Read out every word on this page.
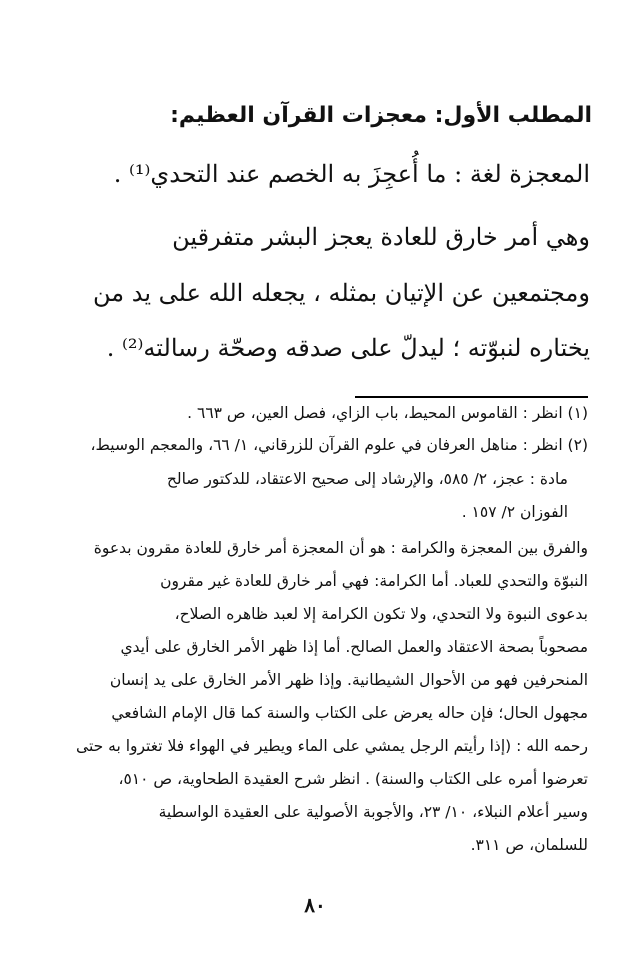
المطلب الأول: معجزات القرآن العظيم:
المعجزة لغة : ما أُعجِزَ به الخصم عند التحدي⁽¹⁾ .
وهي أمر خارق للعادة يعجز البشر متفرقين
ومجتمعين عن الإتيان بمثله ، يجعله الله على يد من
يختاره لنبوّته ؛ ليدلّ على صدقه وصحّة رسالته⁽²⁾ .
(١) انظر : القاموس المحيط، باب الزاي، فصل العين، ص ٦٦٣ .
(٢) انظر : مناهل العرفان في علوم القرآن للزرقاني، ١/ ٦٦، والمعجم الوسيط،
مادة : عجز، ٢/ ٥٨٥، والإرشاد إلى صحيح الاعتقاد، للدكتور صالح
الفوزان ٢/ ١٥٧ .
والفرق بين المعجزة والكرامة : هو أن المعجزة أمر خارق للعادة مقرون بدعوة
النبوّة والتحدي للعباد. أما الكرامة: فهي أمر خارق للعادة غير مقرون
بدعوى النبوة ولا التحدي، ولا تكون الكرامة إلا لعبد ظاهره الصلاح،
مصحوباً بصحة الاعتقاد والعمل الصالح. أما إذا ظهر الأمر الخارق على أيدي
المنحرفين فهو من الأحوال الشيطانية. وإذا ظهر الأمر الخارق على يد إنسان
مجهول الحال؛ فإن حاله يعرض على الكتاب والسنة كما قال الإمام الشافعي
رحمه الله : (إذا رأيتم الرجل يمشي على الماء ويطير في الهواء فلا تغتروا به حتى
تعرضوا أمره على الكتاب والسنة) . انظر شرح العقيدة الطحاوية، ص ٥١٠،
وسير أعلام النبلاء، ١٠/ ٢٣، والأجوبة الأصولية على العقيدة الواسطية
للسلمان، ص ٣١١.
٨٠
